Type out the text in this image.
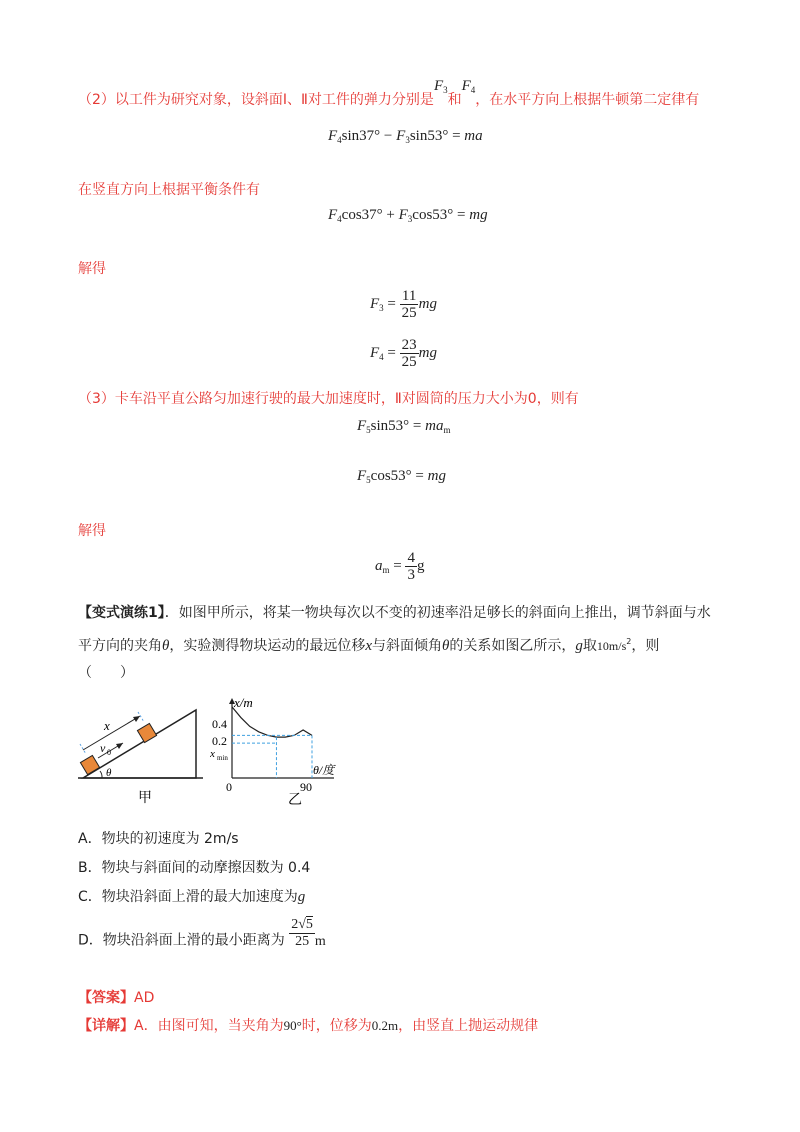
（2）以工件为研究对象，设斜面Ⅰ、Ⅱ对工件的弹力分别是$F_3$和$F_4$，在水平方向上根据牛顿第二定律有
$F_4\sin 37^\circ - F_3\sin 53^\circ$ = ma
在竖直方向上根据平衡条件有
$F_4\cos 37^\circ + F_3\cos 53^\circ$ = mg
解得
$F_3 = \frac{11}{25}$ mg
$F_4 = \frac{23}{25}$ mg
（3）卡车沿平直公路匀加速行驶的最大加速度时，Ⅱ对圆筒的压力大小为0，则有
$F_5\sin 53^\circ = ma_m$
$F_5\cos 53^\circ$ = mg
解得
$a_m = \frac{4}{3}$ g
【变式演练1】．如图甲所示，将某一物块每次以不变的初速率沿足够长的斜面向上推出，调节斜面与水
平方向的夹角θ，实验测得物块运动的最远位移x与斜面倾角θ的关系如图乙所示，g取$10m/s^2$，则
（　　）
x
v 0
θ
甲
x/m
0.4
0.2
x min
θ/度
0	90
乙
A．物块的初速度为 2m/s
B．物块与斜面间的动摩擦因数为 0.4
C．物块沿斜面上滑的最大加速度为g
D．物块沿斜面上滑的最小距离为 $\frac{2√5}{25}$ m
【答案】AD
【详解】A．由图可知，当夹角为90°时，位移为0.2m，由竖直上抛运动规律
